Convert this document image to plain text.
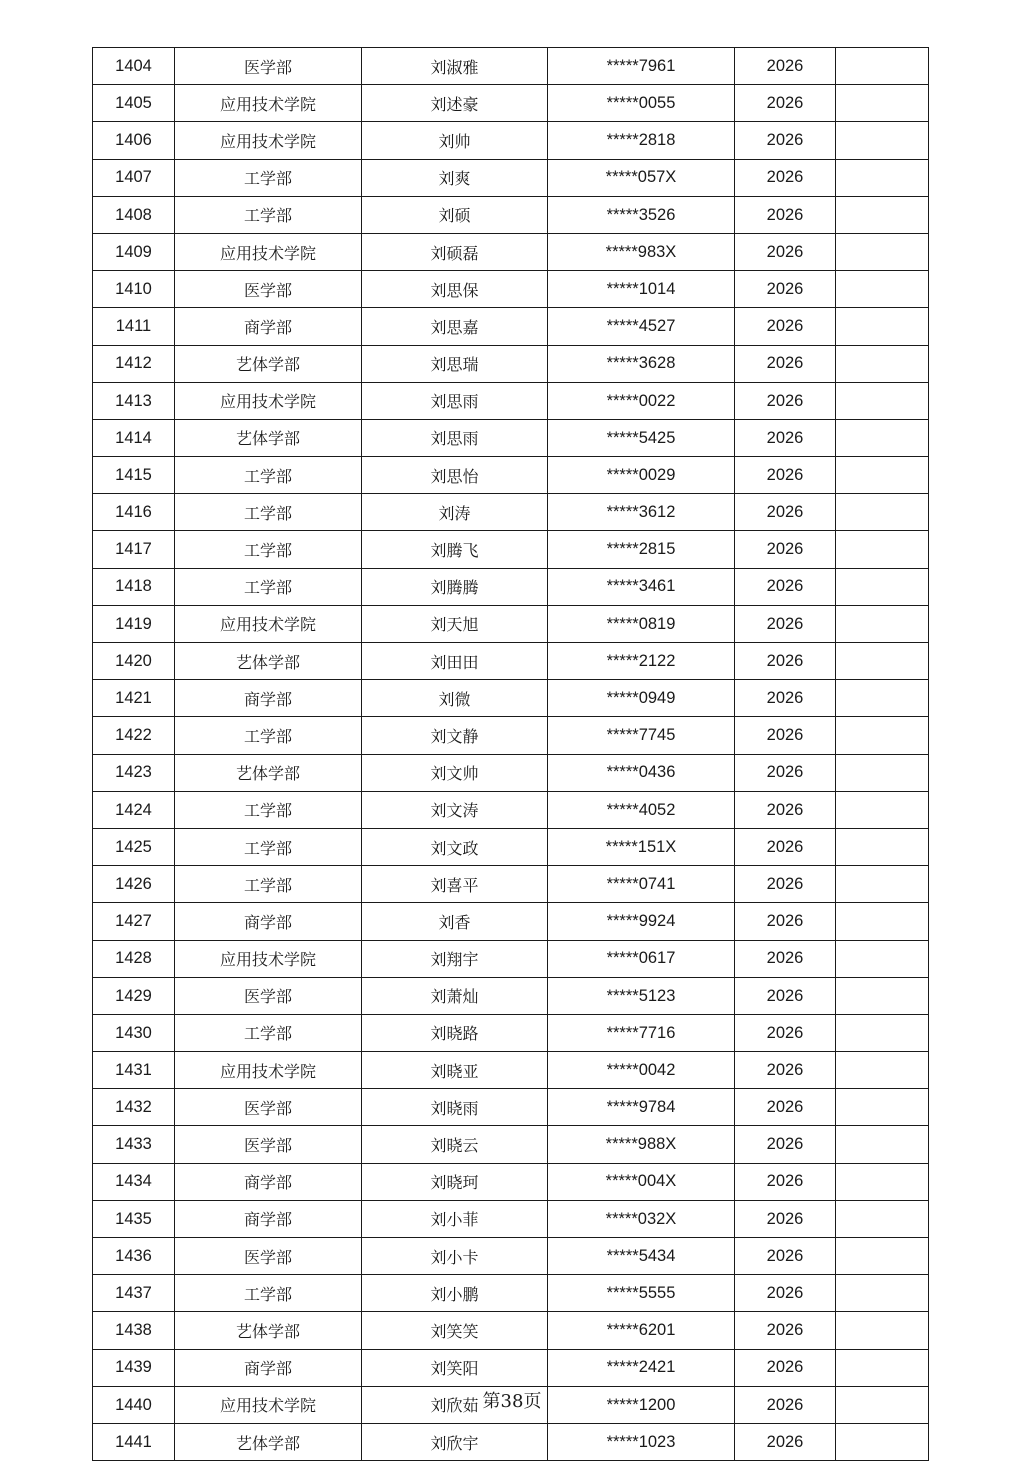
1404	医学部	刘淑雅	*****7961	2026	
1405	应用技术学院	刘述豪	*****0055	2026	
1406	应用技术学院	刘帅	*****2818	2026	
1407	工学部	刘爽	*****057X	2026	
1408	工学部	刘硕	*****3526	2026	
1409	应用技术学院	刘硕磊	*****983X	2026	
1410	医学部	刘思保	*****1014	2026	
1411	商学部	刘思嘉	*****4527	2026	
1412	艺体学部	刘思瑞	*****3628	2026	
1413	应用技术学院	刘思雨	*****0022	2026	
1414	艺体学部	刘思雨	*****5425	2026	
1415	工学部	刘思怡	*****0029	2026	
1416	工学部	刘涛	*****3612	2026	
1417	工学部	刘腾飞	*****2815	2026	
1418	工学部	刘腾腾	*****3461	2026	
1419	应用技术学院	刘天旭	*****0819	2026	
1420	艺体学部	刘田田	*****2122	2026	
1421	商学部	刘微	*****0949	2026	
1422	工学部	刘文静	*****7745	2026	
1423	艺体学部	刘文帅	*****0436	2026	
1424	工学部	刘文涛	*****4052	2026	
1425	工学部	刘文政	*****151X	2026	
1426	工学部	刘喜平	*****0741	2026	
1427	商学部	刘香	*****9924	2026	
1428	应用技术学院	刘翔宇	*****0617	2026	
1429	医学部	刘萧灿	*****5123	2026	
1430	工学部	刘晓路	*****7716	2026	
1431	应用技术学院	刘晓亚	*****0042	2026	
1432	医学部	刘晓雨	*****9784	2026	
1433	医学部	刘晓云	*****988X	2026	
1434	商学部	刘晓珂	*****004X	2026	
1435	商学部	刘小菲	*****032X	2026	
1436	医学部	刘小卡	*****5434	2026	
1437	工学部	刘小鹏	*****5555	2026	
1438	艺体学部	刘笑笑	*****6201	2026	
1439	商学部	刘笑阳	*****2421	2026	
1440	应用技术学院	刘欣茹	*****1200	2026	
1441	艺体学部	刘欣宇	*****1023	2026	
第38页
